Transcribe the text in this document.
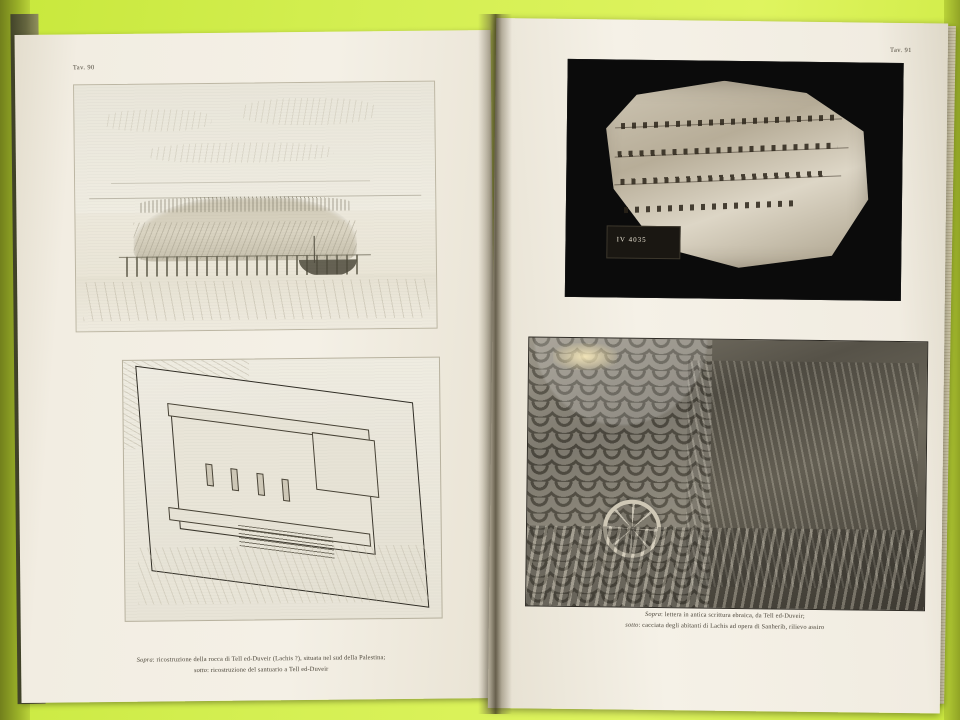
Tav. 90
Sopra: ricostruzione della rocca di Tell ed-Duveir (Lachis ?), situata nel sud della Palestina;
sotto: ricostruzione del santuario a Tell ed-Duveir
Tav. 91
IV 4035
Sopra: lettera in antica scrittura ebraica, da Tell ed-Duveir;
sotto: cacciata degli abitanti di Lachis ad opera di Sanherib, rilievo assiro
